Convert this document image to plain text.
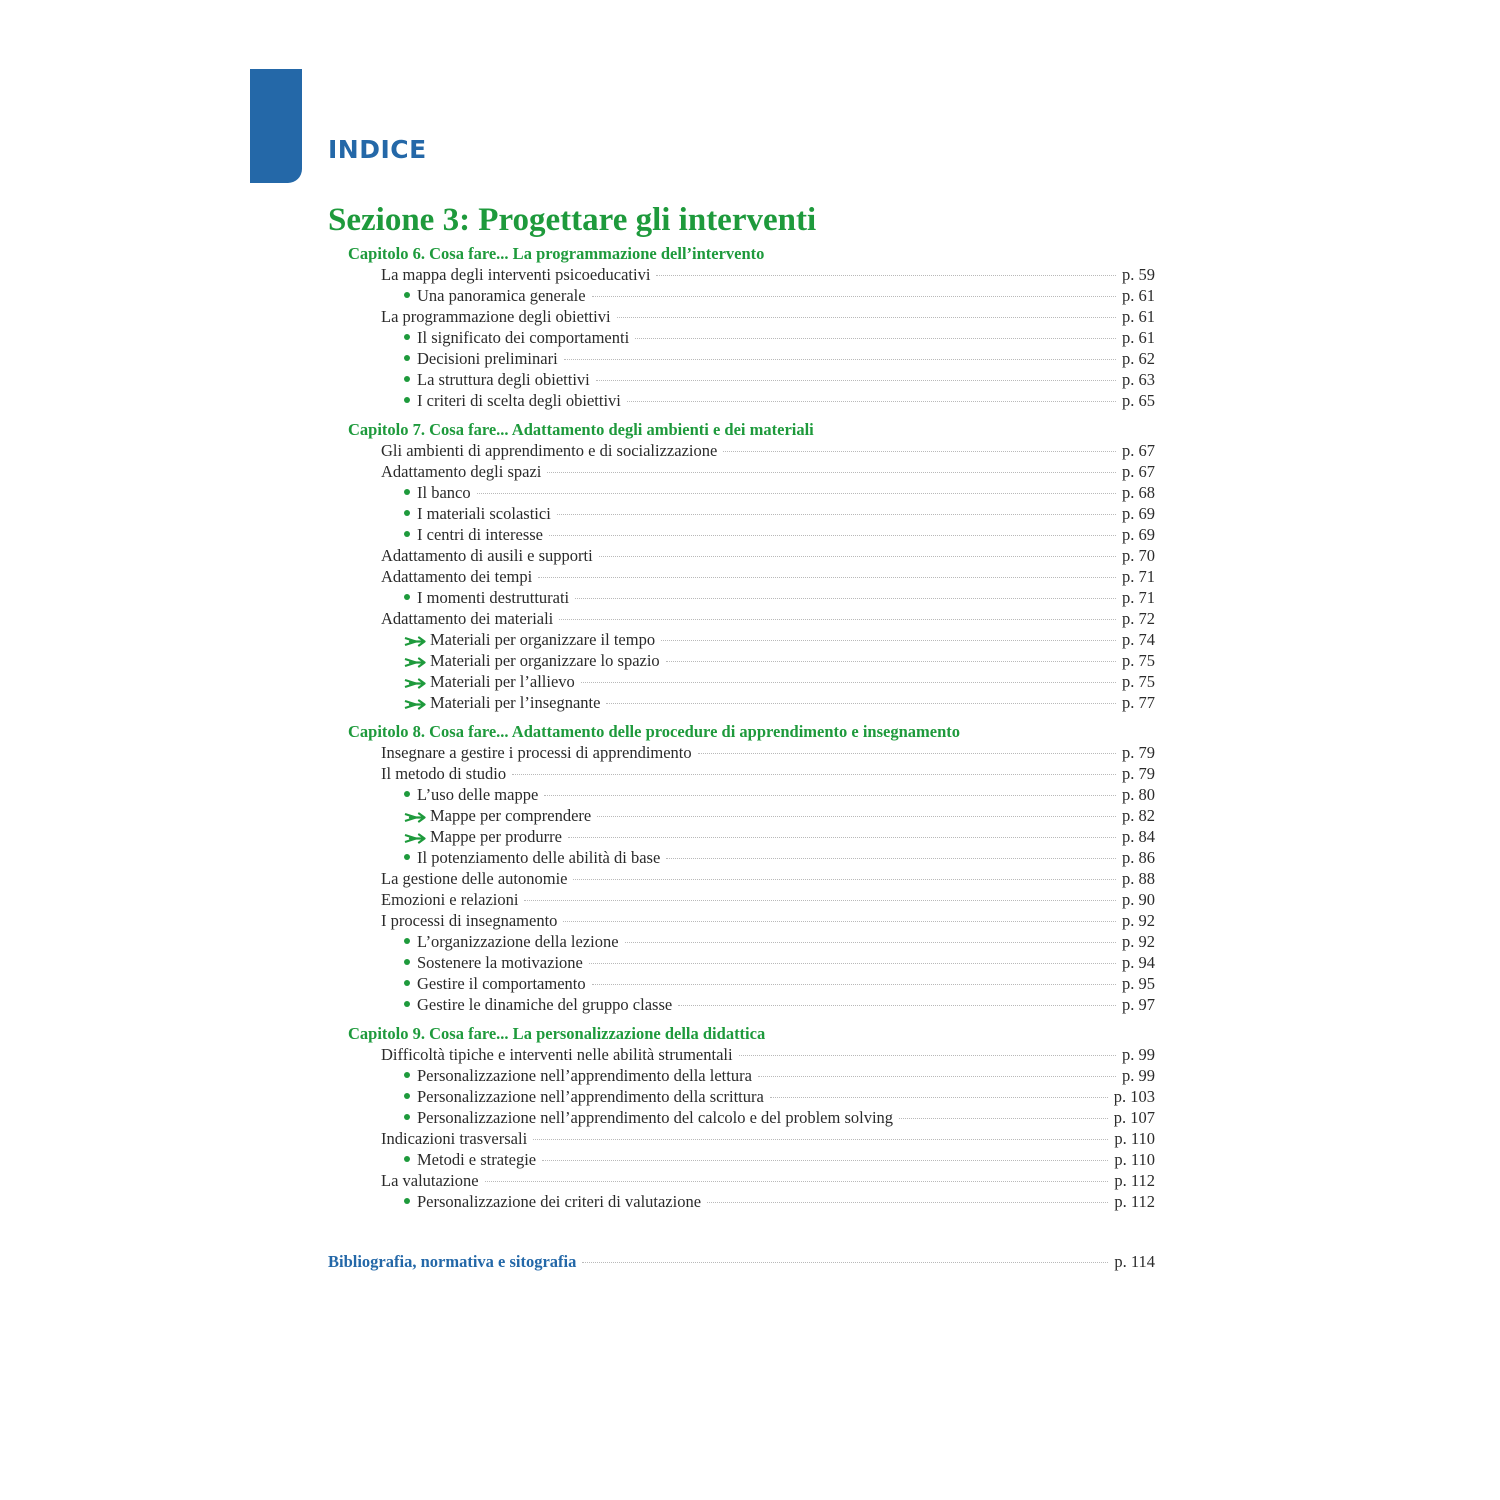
INDICE
Sezione 3: Progettare gli interventi
Capitolo 6. Cosa fare... La programmazione dell’intervento
La mappa degli interventi psicoeducativi	p. 59
Una panoramica generale	p. 61
La programmazione degli obiettivi	p. 61
Il significato dei comportamenti	p. 61
Decisioni preliminari	p. 62
La struttura degli obiettivi	p. 63
I criteri di scelta degli obiettivi	p. 65
Capitolo 7. Cosa fare... Adattamento degli ambienti e dei materiali
Gli ambienti di apprendimento e di socializzazione	p. 67
Adattamento degli spazi	p. 67
Il banco	p. 68
I materiali scolastici	p. 69
I centri di interesse	p. 69
Adattamento di ausili e supporti	p. 70
Adattamento dei tempi	p. 71
I momenti destrutturati	p. 71
Adattamento dei materiali	p. 72
Materiali per organizzare il tempo	p. 74
Materiali per organizzare lo spazio	p. 75
Materiali per l’allievo	p. 75
Materiali per l’insegnante	p. 77
Capitolo 8. Cosa fare... Adattamento delle procedure di apprendimento e insegnamento
Insegnare a gestire i processi di apprendimento	p. 79
Il metodo di studio	p. 79
L’uso delle mappe	p. 80
Mappe per comprendere	p. 82
Mappe per produrre	p. 84
Il potenziamento delle abilità di base	p. 86
La gestione delle autonomie	p. 88
Emozioni e relazioni	p. 90
I processi di insegnamento	p. 92
L’organizzazione della lezione	p. 92
Sostenere la motivazione	p. 94
Gestire il comportamento	p. 95
Gestire le dinamiche del gruppo classe	p. 97
Capitolo 9. Cosa fare... La personalizzazione della didattica
Difficoltà tipiche e interventi nelle abilità strumentali	p. 99
Personalizzazione nell’apprendimento della lettura	p. 99
Personalizzazione nell’apprendimento della scrittura	p. 103
Personalizzazione nell’apprendimento del calcolo e del problem solving	p. 107
Indicazioni trasversali	p. 110
Metodi e strategie	p. 110
La valutazione	p. 112
Personalizzazione dei criteri di valutazione	p. 112
Bibliografia, normativa e sitografia	p. 114
